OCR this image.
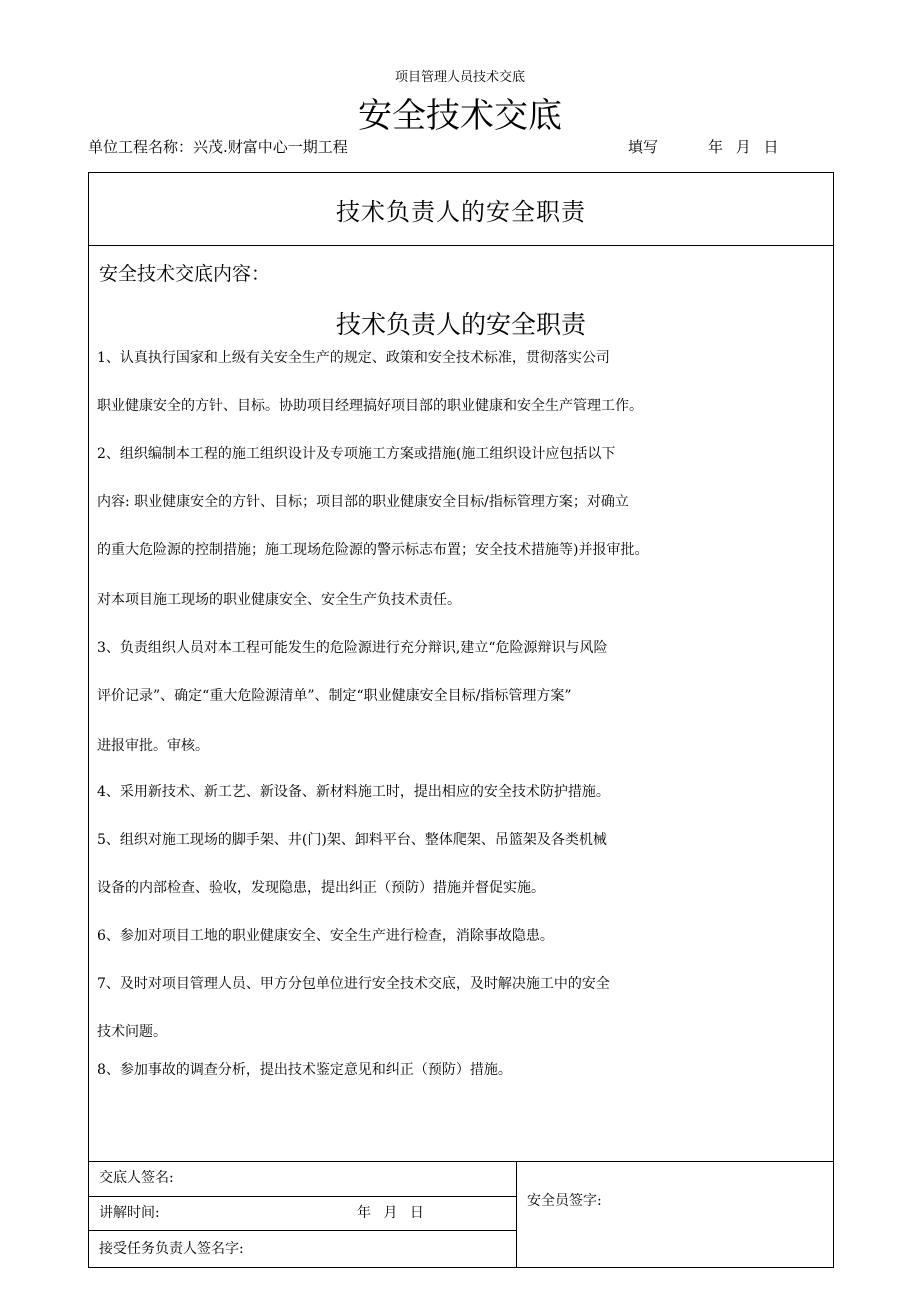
项目管理人员技术交底
安全技术交底
单位工程名称：兴茂.财富中心一期工程	填写	年 月 日
技术负责人的安全职责
安全技术交底内容：
技术负责人的安全职责
1、认真执行国家和上级有关安全生产的规定、政策和安全技术标准，贯彻落实公司
职业健康安全的方针、目标。协助项目经理搞好项目部的职业健康和安全生产管理工作。
2、组织编制本工程的施工组织设计及专项施工方案或措施(施工组织设计应包括以下
内容: 职业健康安全的方针、目标；项目部的职业健康安全目标/指标管理方案；对确立
的重大危险源的控制措施；施工现场危险源的警示标志布置；安全技术措施等)并报审批。
对本项目施工现场的职业健康安全、安全生产负技术责任。
3、负责组织人员对本工程可能发生的危险源进行充分辩识,建立“危险源辩识与风险
评价记录”、确定“重大危险源清单”、制定“职业健康安全目标/指标管理方案”
进报审批。审核。
4、采用新技术、新工艺、新设备、新材料施工时，提出相应的安全技术防护措施。
5、组织对施工现场的脚手架、井(门)架、卸料平台、整体爬架、吊篮架及各类机械
设备的内部检查、验收，发现隐患，提出纠正（预防）措施并督促实施。
6、参加对项目工地的职业健康安全、安全生产进行检查，消除事故隐患。
7、及时对项目管理人员、甲方分包单位进行安全技术交底，及时解决施工中的安全
技术问题。
8、参加事故的调查分析，提出技术鉴定意见和纠正（预防）措施。
交底人签名:
讲解时间:	年 月 日
接受任务负责人签名字:
安全员签字:
